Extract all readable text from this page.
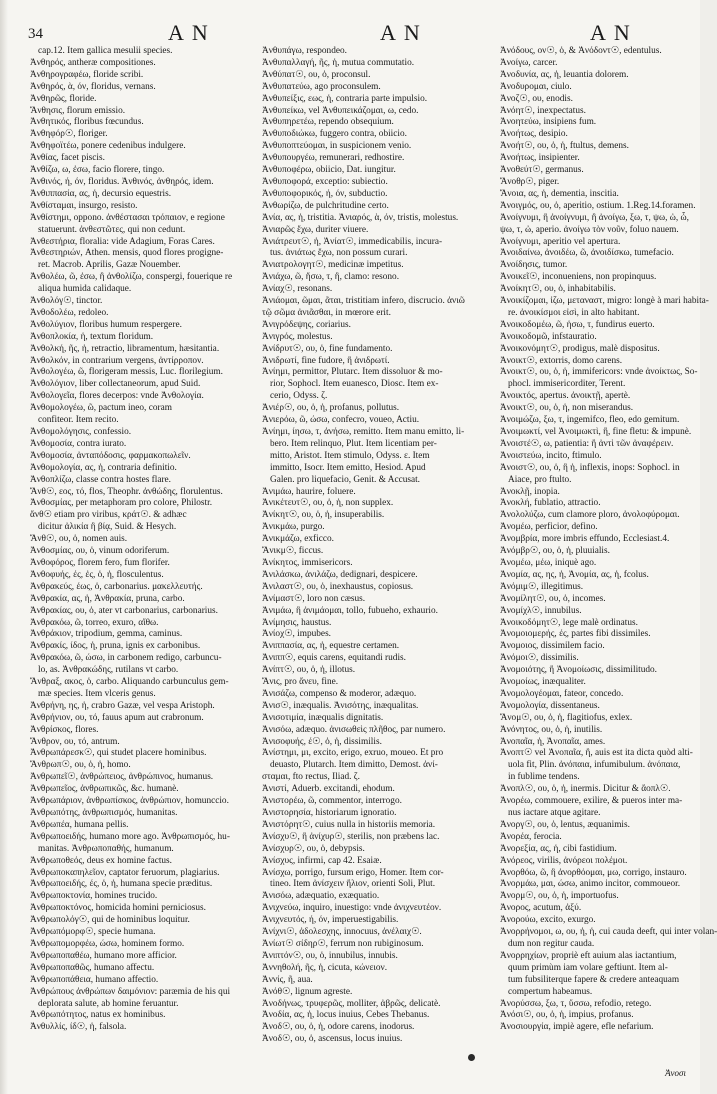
34	AN	AN	AN
cap.12. Item gallica mesulii species.
Ἀνθηρός, antheræ compositiones.
Ἀνθηρογραφέω, floride scribi.
Ἀνθηρός, ὰ, όν, floridus, vernans.
Ἀνθηρῶς, floride.
Ἄνθησις, florum emissio.
Ἀνθητικός, floribus fœcundus.
Ἀνθηφόρ☉, floriger.
Ἀνθηφοϊτέω, ponere cedenibus indulgere.
Ἀνθίας, facet piscis.
Ἀνθίζω, ω, ἐσω, facio florere, tingo.
Ἀνθινός, ή, όν, floridus. Ἀνθινός, ἀνθηρός, idem.
Ἀνθιππασία, ας, ἡ, decursio equestris.
Ἀνθίσταμαι, insurgo, resisto.
Ἀνθίστημι, oppono. ἀνθέστασαι τρόπαιον, e regione
statuerunt. ἀνθεστῶτες, qui non cedunt.
Ἀνθεστήρια, floralia: vide Adagium, Foras Cares.
Ἀνθεστηριών, Athen. mensis, quod flores progigne-
ret. Macrob. Aprilis, Gazæ Nouember.
Ἀνθολέω, ῶ, ἐσω, ἢ ἀνθολίζω, conspergi, fouerique re
aliqua humida calidaque.
Ἀνθολόγ☉, tinctor.
Ἀνθοδολέω, redoleo.
Ἀνθολύγιον, floribus humum respergere.
Ἀνθοπλοκία, ἡ, textum floridum.
Ἀνθολκή, ῆς, ἡ, retractio, libramentum, hæsitantia.
Ἀνθολκόν, in contrarium vergens, ἀντίρροπον.
Ἀνθολογέω, ῶ, florigeram messis, Luc. florilegium.
Ἀνθολόγιον, liber collectaneorum, apud Suid.
Ἀνθολογεῖα, flores decerpos: vnde Ἀνθολογία.
Ἀνθομολογέω, ῶ, pactum ineo, coram
confiteor. Item recito.
Ἀνθομολόγησις, confessio.
Ἀνθομοσία, contra iurato.
Ἀνθομοσία, ἀνταπόδοσις, φαρμακοπωλεῖν.
Ἀνθομολογία, ας, ἡ, contraria definitio.
Ἀνθοπλίζω, classe contra hostes flare.
Ἄνθ☉, εος, τό, flos, Theophr. ἀνθώδης, florulentus.
Ἀνθοσμίας, per metaphoram pro colore, Philostr.
ἄνθ☉ etiam pro viribus, κράτ☉. & adhæc
dicitur ἀλικία ἢ βίᾳ, Suid. & Hesych.
Ἄνθ☉, ου, ὁ, nomen auis.
Ἀνθοσμίας, ου, ὁ, vinum odoriferum.
Ἀνθοφόρος, florem fero, fum florifer.
Ἀνθοφυής, ές, ἐς, ὁ, ἡ, flosculentus.
Ἀνθρακεύς, έως, ὁ, carbonarius. μακελλευτής.
Ἀνθρακία, ας, ἡ, Ἀνθρακία, pruna, carbo.
Ἀνθρακίας, ου, ὁ, ater vt carbonarius, carbonarius.
Ἀνθρακόω, ῶ, torreo, exuro, αἴθω.
Ἀνθράκιον, tripodium, gemma, caminus.
Ἀνθρακίς, ίδος, ἡ, pruna, ignis ex carbonibus.
Ἀνθρακόω, ῶ, ώσω, in carbonem redigo, carbuncu-
lo, as. Ἀνθρακώδης, rutilans vt carbo.
Ἄνθραξ, ακος, ὁ, carbo. Aliquando carbunculus gem-
mæ species. Item vlceris genus.
Ἀνθρήνη, ης, ἡ, crabro Gazæ, vel vespa Aristoph.
Ἀνθρήνιον, ου, τό, fauus apum aut crabronum.
Ἀνθρίσκος, flores.
Ἄνθρον, ου, τό, antrum.
Ἀνθρωπάρεσκ☉, qui studet placere hominibus.
Ἄνθρωπ☉, ου, ὁ, ἡ, homo.
Ἀνθρωπεῖ☉, ἀνθρώπειος, ἀνθρώπινος, humanus.
Ἀνθρωπεῖος, ἀνθρωπικῶς, &c. humanè.
Ἀνθρωπάριον, ἀνθρωπίσκος, ἀνθρώπιον, homunccio.
Ἀνθρωπότης, ἀνθρωπισμός, humanitas.
Ἀνθρωπέα, humana pellis.
Ἀνθρωποειδής, humano more ago. Ἀνθρωπισμός, hu-
manitas. Ἀνθρωποπαθής, humanum.
Ἀνθρωποθεός, deus ex homine factus.
Ἀνθρωποκαπηλεῖον, captator feruorum, plagiarius.
Ἀνθρωποειδής, ές, ὁ, ἡ, humana specie præditus.
Ἀνθρωποκτονία, homines trucido.
Ἀνθρωποκτόνος, homicida homini perniciosus.
Ἀνθρωπολόγ☉, qui de hominibus loquitur.
Ἀνθρωπόμορφ☉, specie humana.
Ἀνθρωπομορφέω, ώσω, hominem formo.
Ἀνθρωποπαθέω, humano more afficior.
Ἀνθρωποπαθῶς, humano affectu.
Ἀνθρωποπάθεια, humano affectio.
Ἀνθρώπους ἀνθρώπων δαιμόνιον: paræmia de his qui
deplorata salute, ab homine feruantur.
Ἀνθρωπότητος, natus ex hominibus.
Ἀνθυλλίς, ίδ☉, ἡ, falsola.
Ἀνθυπάγω, respondeo.
Ἀνθυπαλλαγή, ῆς, ἡ, mutua commutatio.
Ἀνθύπατ☉, ου, ὁ, proconsul.
Ἀνθυπατεύω, ago proconsulem.
Ἀνθυπείξις, εως, ἡ, contraria parte impulsio.
Ἀνθυπείκω, vel Ἀνθυπεικάζομαι, ω, cedo.
Ἀνθυπηρετέω, rependo obsequium.
Ἀνθυποδιώκω, fuggero contra, obiicio.
Ἀνθυποπτεύομαι, in suspicionem venio.
Ἀνθυπουργέω, remunerari, redhostire.
Ἀνθυποφέρω, obiicio, Dat. iungitur.
Ἀνθυποφορά, exceptio: subiectio.
Ἀνθυποφορικός, ή, όν, subductio.
Ἀνθωρίζω, de pulchritudine certo.
Ἀνία, ας, ἡ, tristitia. Ἀνιαρός, ὰ, όν, tristis, molestus.
Ἀνιαρῶς ἔχω, duriter viuere.
Ἀνιάτρευτ☉, ἡ, Ἀνίατ☉, immedicabilis, incura-
tus. ἀνιάτως ἔχω, non possum curari.
Ἀνιατρολογητ☉, medicinæ impetitus.
Ἀνιάχω, ῶ, ἤσω, τ, ἢ, clamo: resono.
Ἀνίαχ☉, resonans.
Ἀνιάομαι, ῶμαι, ᾶται, tristitiam infero, discrucio. ἀνιῶ
τῷ σῶμα ἀνιᾶσθαι, in mœrore erit.
Ἀνιγρόδεψης, coriarius.
Ἀνιγρός, molestus.
Ἀνίδρυτ☉, ου, ὁ, fine fundamento.
Ἀνιδρωτί, fine fudore, ἢ ἀνιδρωτί.
Ἀνίημι, permittor, Plutarc. Item dissoluor & mo-
rior, Sophocl. Item euanesco, Diosc. Item ex-
cerio, Odyss. ζ.
Ἀνιέρ☉, ου, ὁ, ἡ, profanus, pollutus.
Ἀνιερόω, ῶ, ώσω, confecro, voueo, Actiu.
Ἀνίημι, ίησω, τ, ἀνήσω, remitto. Item manu emitto, li-
bero. Item relinquo, Plut. Item licentiam per-
mitto, Aristot. Item stimulo, Odyss. ε. Item
immitto, Isocr. Item emitto, Hesiod. Apud
Galen. pro liquefacio, Genit. & Accusat.
Ἀνιμάω, haurire, foluere.
Ἀνικέτευτ☉, ου, ὁ, ἡ, non supplex.
Ἀνίκητ☉, ου, ὁ, ἡ, insuperabilis.
Ἀνικμάω, purgo.
Ἀνικμάζω, exficco.
Ἄνικμ☉, ficcus.
Ἀνίκητος, immisericors.
Ἀνιλάσκω, ἀνιλάζω, dedignari, despicere.
Ἀνιλαστ☉, ου, ὁ, inexhaustus, copiosus.
Ἀνίμαστ☉, loro non cæsus.
Ἀνιμάω, ἢ ἀνιμάομαι, tollo, fubueho, exhaurio.
Ἀνίμησις, haustus.
Ἀνίοχ☉, impubes.
Ἀνιππασία, ας, ἡ, equestre certamen.
Ἀνιππ☉, equis carens, equitandi rudis.
Ἀνίπτ☉, ου, ὁ, ἡ, illotus.
Ἄνις, pro ἄνευ, fine.
Ἀνισάζω, compenso & moderor, adæquo.
Ἀνισ☉, inæqualis. Ἀνισότης, inæqualitas.
Ἀνισοτιμία, inæqualis dignitatis.
Ἀνισόω, adæquo. ἀνισωθεὶς πλῆθος, par numero.
Ἀνισοφυής, έ☉, ὁ, ἡ, dissimilis.
Ἀνίστημι, μι, excito, erigo, exruo, moueo. Et pro
deuasto, Plutarch. Item dimitto, Demost. ἀνί-
σταμαι, fto rectus, Iliad. ζ.
Ἀνιστί, Aduerb. excitandi, ehodum.
Ἀνιστορέω, ῶ, commentor, interrogo.
Ἀνιστορησία, historiarum ignoratio.
Ἀνιστόρητ☉, cuius nulla in historiis memoria.
Ἀνίσχυ☉, ἢ ἀνίχυρ☉, sterilis, non præbens lac.
Ἀνίσχυρ☉, ου, ὁ, debypsis.
Ἀνίσχυς, infirmi, cap 42. Esaiæ.
Ἀνίσχω, porrigo, fursum erigo, Homer. Item cor-
tineo. Item ἀνίσχειν ἥλιον, orienti Soli, Plut.
Ἀνισόω, adæquatio, exæquatio.
Ἀνιχνεύω, inquiro, inuestigo: vnde ἀνιχνευτέον.
Ἀνιχνευτός, ή, όν, imperuestigabilis.
Ἀνίχνι☉, ἀδολεσχης, innocuus, ἀνέλαιχ☉.
Ἀνίωτ☉ σίδηρ☉, ferrum non rubiginosum.
Ἀνιπτόν☉, ου, ὁ, innubilus, innubis.
Ἀννηθολή, ῆς, ἡ, cicuta, κώνειον.
Ἀννίς, ῆ, aua.
Ἀνόθ☉, lignum agreste.
Ἀνοδήνως, τρυφερῶς, molliter, ἀβρῶς, delicatè.
Ἀνοδία, ας, ἡ, locus inuius, Cebes Thebanus.
Ἀνοδ☉, ου, ὁ, ἡ, odore carens, inodorus.
Ἀνοδ☉, ου, ὁ, ascensus, locus inuius.
Ἀνόδους, ον☉, ὁ, & Ἀνόδοντ☉, edentulus.
Ἀνοίγω, carcer.
Ἀνοδυνία, ας, ἡ, leuantia dolorem.
Ἀνοδυρομαι, ciulo.
Ἀνοζ☉, ου, enodis.
Ἀνόητ☉, inexpectatus.
Ἀνοητεύω, insipiens fum.
Ἀνοήτως, desipio.
Ἀνοήτ☉, ου, ὁ, ἡ, ftultus, demens.
Ἀνοήτως, insipienter.
Ἀνοθεύτ☉, germanus.
Ἄνοθρ☉, piger.
Ἄνοια, ας, ἡ, dementia, inscitia.
Ἀνοιγμός, ου, ὁ, aperitio, ostium. 1.Reg.14.foramen.
Ἀνοίγνυμι, ἢ ἀνοίγνυμι, ἢ ἀνοίγω, ξω, τ, ψω, ὠ, ὦ,
ψω, τ, ὠ, aperio. ἀνοίγω τὸν νοῦν, foluo nauem.
Ἀνοίγνυμι, aperitio vel apertura.
Ἀνοιδαίνω, ἀνοιδέω, ῶ, ἀνοιδίσκω, tumefacio.
Ἀνοίδησις, tumor.
Ἀνοικεῖ☉, inconueniens, non propinquus.
Ἀνοίκητ☉, ου, ὁ, inhabitabilis.
Ἀνοικίζομαι, ἰζω, μεταναστ, migro: longè à mari habita-
re. ἀνοικίσμοι εἰσὶ, in alto habitant.
Ἀνοικοδομέω, ῶ, ἡσω, τ, fundirus euerto.
Ἀνοικοδομῶ, infstauratio.
Ἀνοικονόμητ☉, prodigus, malè dispositus.
Ἀνοικτ☉, extorris, domo carens.
Ἀνοικτ☉, ου, ὁ, ἡ, immifericors: vnde ἀνοίκτως, So-
phocl. immisericorditer, Terent.
Ἀνοικτός, apertus. ἀνοικτῇ, apertè.
Ἀνοικτ☉, ου, ὁ, ἡ, non miserandus.
Ἀνοιμώζω, ξω, τ, ingemifco, fleo, edo gemitum.
Ἀνοιμωκτί, vel Ἀνοιμωκτὶ, ἢ, fine fletu: & impunè.
Ἀνοιστέ☉, ω, patientia: ἢ ἀντὶ τῶν ἀναφέρειν.
Ἀνοιστεύω, incito, ftimulo.
Ἀνοιστ☉, ου, ὁ, ἢ ἡ, inflexis, inops: Sophocl. in
Aiace, pro ftulto.
Ἀνοκλῇ, inopia.
Ἀνοκλή, fublatio, attractio.
Ἀνολολύζω, cum clamore ploro, ἀνολοφύρομαι.
Ἀνομέω, perficior, defino.
Ἀνομβρία, more imbris effundo, Ecclesiast.4.
Ἀνόμβρ☉, ου, ὁ, ἡ, pluuialis.
Ἀνομέω, μέω, iniquè ago.
Ἀνομία, ας, ης, ἡ, Ἀνομία, ας, ἡ, fcolus.
Ἀνόμιμ☉, illegitimus.
Ἀνομίλητ☉, ου, ὁ, incomes.
Ἀνομίχλ☉, innubilus.
Ἀνοικοδόμητ☉, lege malè ordinatus.
Ἀνομοιομερής, ές, partes fibi dissimiles.
Ἀνομοιος, dissimilem facio.
Ἀνόμοι☉, dissimilis.
Ἀνομοιότης, ἢ Ἀνομοίωσις, dissimilitudo.
Ἀνομοίως, inæqualiter.
Ἀνομολογέομαι, fateor, concedo.
Ἀνομολογία, dissentaneus.
Ἄνομ☉, ου, ὁ, ἡ, flagitiofus, exlex.
Ἀνόνητος, ου, ὁ, ἡ, inutilis.
Ἀνοπαῖα, ἡ, Ἀνοπαῖα, ames.
Ἀνοπτ☉ vel Ἀνοπαῖα, ἢ, auis est ita dicta quòd alti-
uola fit, Plin. ἀνόπαια, infumibulum. ἀνόπαια,
in fublime tendens.
Ἀνοπλ☉, ου, ὁ, ἡ, inermis. Dicitur & ἄοπλ☉.
Ἀνορέω, commouere, exilire, & pueros inter ma-
nus iactare atque agitare.
Ἀνοργ☉, ου, ὁ, lentus, æquanimis.
Ἀνορέα, ferocia.
Ἀνορεξία, ας, ἡ, cibi fastidium.
Ἀνόρεος, virilis, ἀνόρεοι πολέμοι.
Ἀνορθόω, ῶ, ἢ ἀνορθόομαι, μω, corrigo, instauro.
Ἀνορμάω, μαι, ώσω, animo incitor, commoueor.
Ἀνορμ☉, ου, ὁ, ἡ, importuofus.
Ἀνορος, acutum, ἀξύ.
Ἀνορούω, excito, exurgo.
Ἀνορρήνομοι, ω, ου, ἡ, ἡ, cui cauda deeft, qui inter volan-
dum non regitur cauda.
Ἀνορρηχίων, propriè eft auium alas iactantium,
quum primùm iam volare geftiunt. Item al-
tum fubsiliterque fapere & credere anteaquam
compertum habeamus.
Ἀνορύσσω, ξω, τ, ὕσσω, refodio, retego.
Ἀνόσι☉, ου, ὁ, ἡ, impius, profanus.
Ἀνοσιουργία, impiè agere, efle nefarium.
Ἀνοσι
